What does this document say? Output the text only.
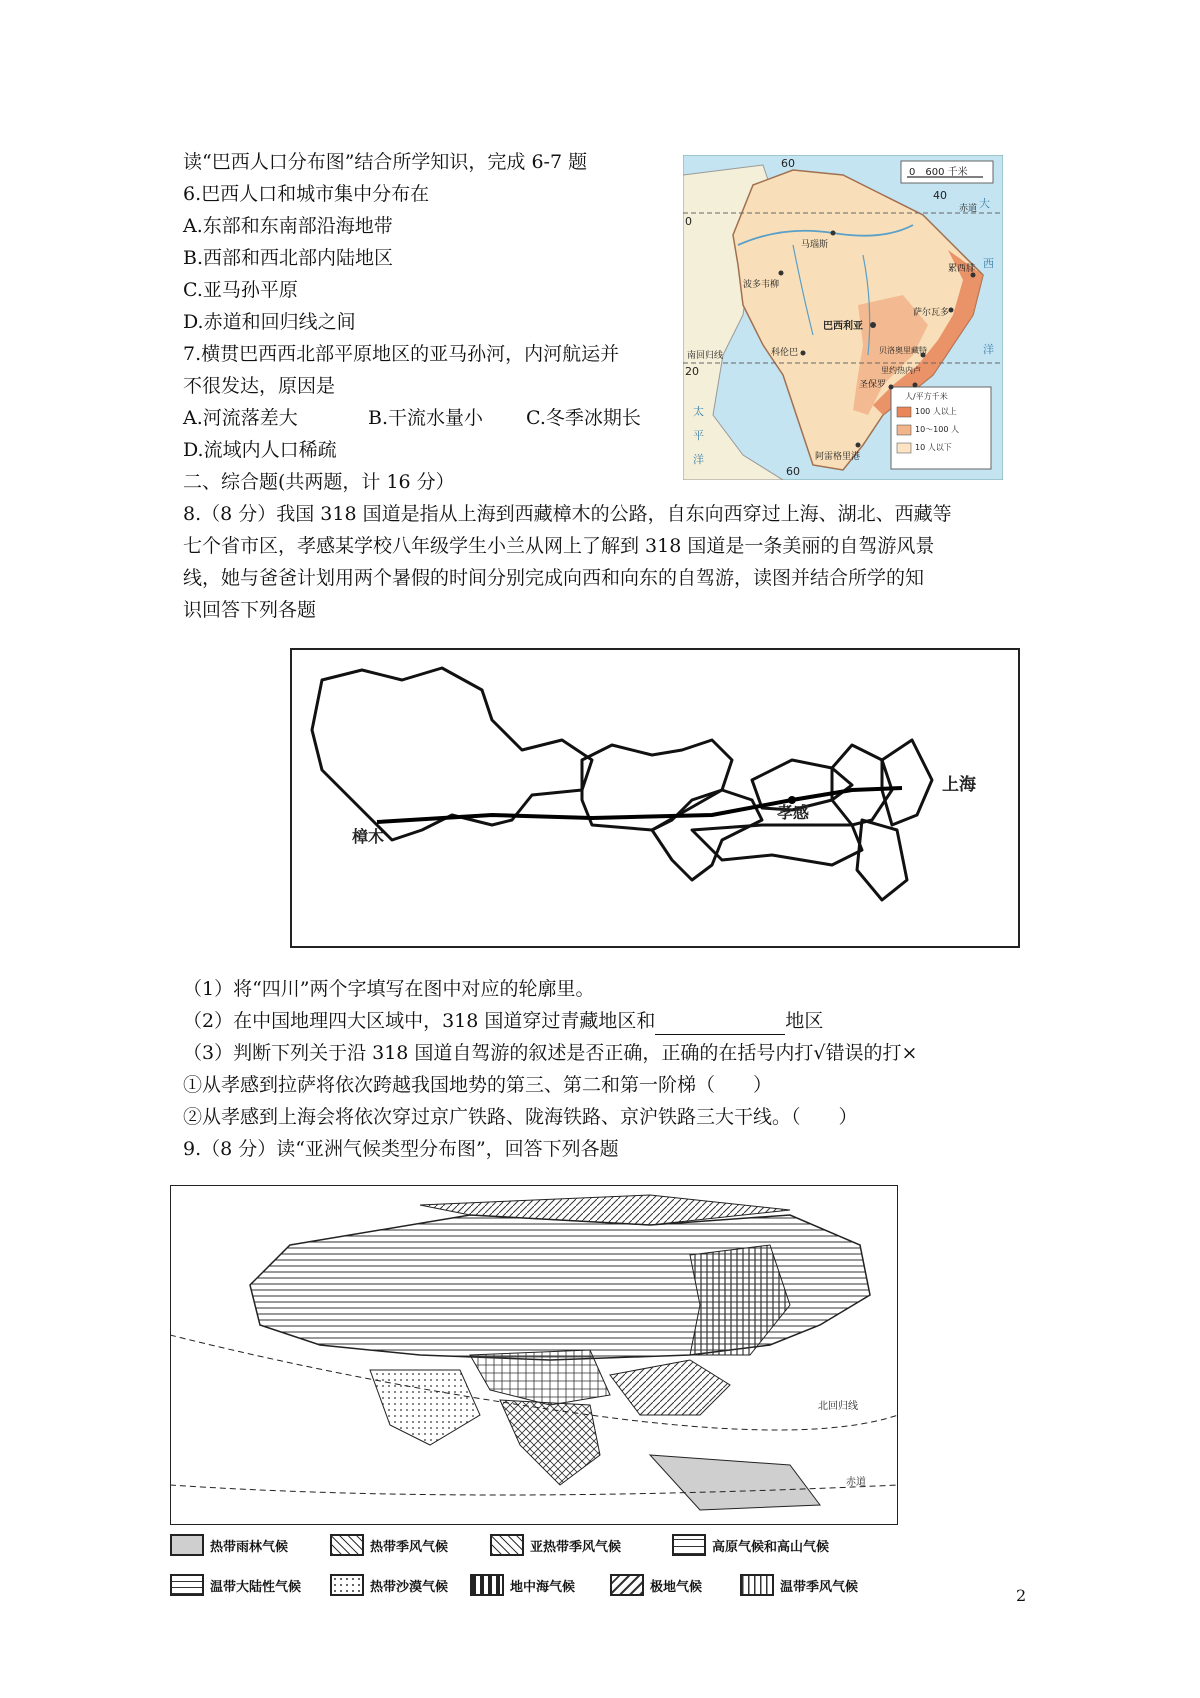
读“巴西人口分布图”结合所学知识，完成 6-7 题
6.巴西人口和城市集中分布在
A.东部和东南部沿海地带
B.西部和西北部内陆地区
C.亚马孙平原
D.赤道和回归线之间
7.横贯巴西西北部平原地区的亚马孙河，内河航运并
不很发达，原因是
A.河流落差大	B.干流水量小 C.冬季冰期长
D.流域内人口稀疏
二、综合题(共两题，计 16 分）
0　600 千米
60
40
0
20
60
赤道
南回归线
马瑙斯
波多韦柳
巴西利亚
累西腓
萨尔瓦多
科伦巴	贝洛奥里藏特
里约热内卢
圣保罗
阿雷格里港
大
西
洋
太
平
洋
人/平方千米
100 人以上
10～100 人
10 人以下
8.（8 分）我国 318 国道是指从上海到西藏樟木的公路，自东向西穿过上海、湖北、西藏等
七个省市区，孝感某学校八年级学生小兰从网上了解到 318 国道是一条美丽的自驾游风景
线，她与爸爸计划用两个暑假的时间分别完成向西和向东的自驾游，读图并结合所学的知
识回答下列各题
樟木
孝感
上海
（1）将“四川”两个字填写在图中对应的轮廓里。
（2）在中国地理四大区域中，318 国道穿过青藏地区和	地区
（3）判断下列关于沿 318 国道自驾游的叙述是否正确，正确的在括号内打√错误的打×
①从孝感到拉萨将依次跨越我国地势的第三、第二和第一阶梯（　　）
②从孝感到上海会将依次穿过京广铁路、陇海铁路、京沪铁路三大干线。（　　）
9.（8 分）读“亚洲气候类型分布图”，回答下列各题
北回归线
赤道
热带雨林气候	热带季风气候	亚热带季风气候	高原气候和高山气候
温带大陆性气候	热带沙漠气候	地中海气候	极地气候	温带季风气候	2
